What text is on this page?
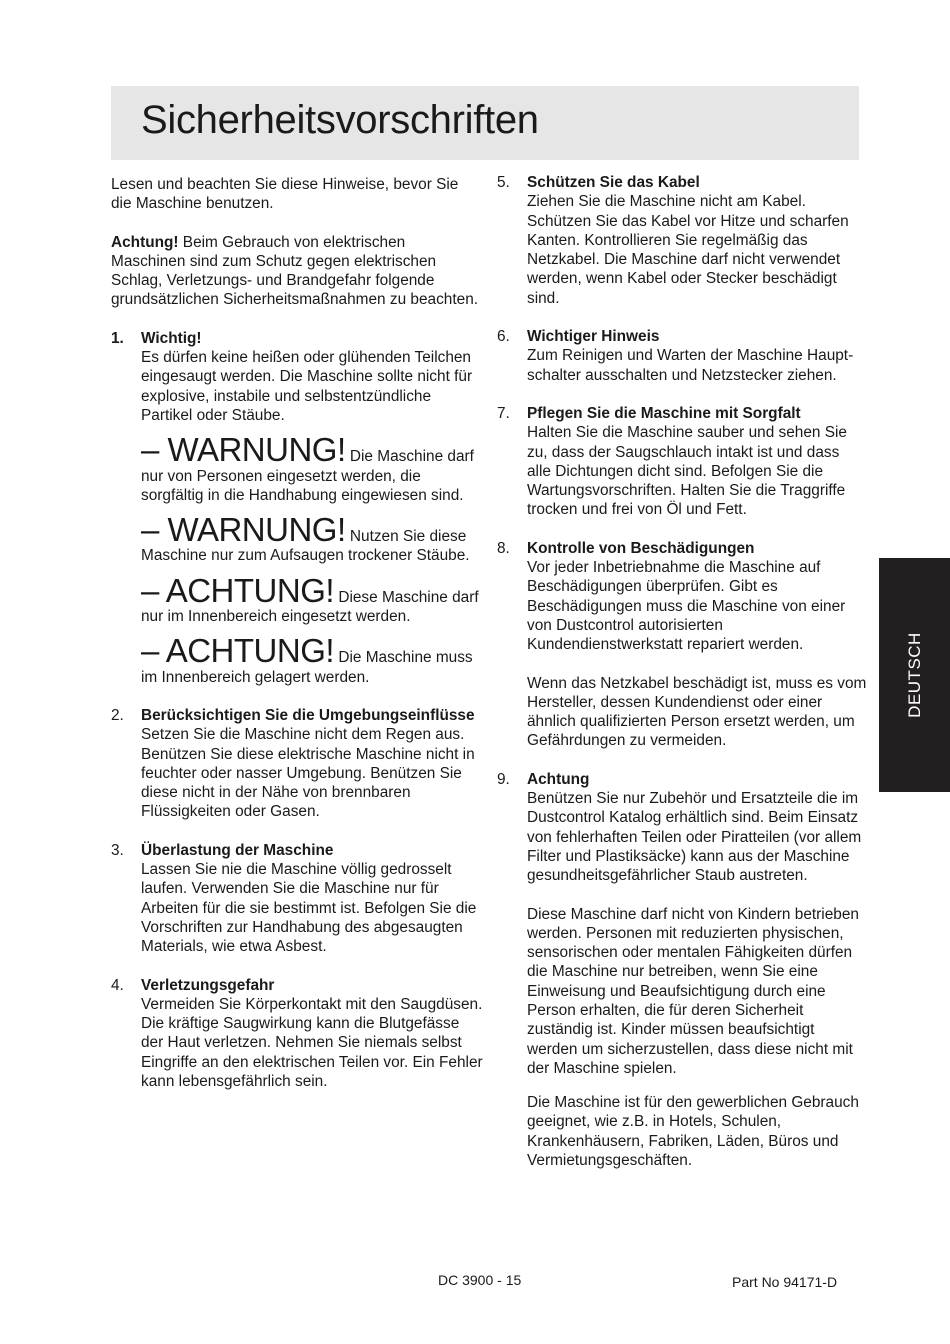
Sicherheitsvorschriften
DEUTSCH

Lesen und beachten Sie diese Hinweise, bevor Sie die Maschine benutzen.

Achtung! Beim Gebrauch von elektrischen Maschinen sind zum Schutz gegen elektrischen Schlag, Verletzungs- und Brandgefahr folgende grundsätzlichen Sicherheitsmaßnahmen zu beachten.

1. Wichtig!
Es dürfen keine heißen oder glühenden Teilchen eingesaugt werden. Die Maschine sollte nicht für explosive, instabile und selbstentzündliche Partikel oder Stäube.
– WARNUNG! Die Maschine darf nur von Personen eingesetzt werden, die sorgfältig in die Handhabung eingewiesen sind.
– WARNUNG! Nutzen Sie diese Maschine nur zum Aufsaugen trockener Stäube.
– ACHTUNG! Diese Maschine darf nur im Innenbereich eingesetzt werden.
– ACHTUNG! Die Maschine muss im Innenbereich gelagert werden.
2. Berücksichtigen Sie die Umgebungseinflüsse
Setzen Sie die Maschine nicht dem Regen aus. Benützen Sie diese elektrische Maschine nicht in feuchter oder nasser Umgebung. Benützen Sie diese nicht in der Nähe von brennbaren Flüssigkeiten oder Gasen.
3. Überlastung der Maschine
Lassen Sie nie die Maschine völlig gedrosselt laufen. Verwenden Sie die Maschine nur für Arbeiten für die sie bestimmt ist. Befolgen Sie die Vorschriften zur Handhabung des abgesaugten Materials, wie etwa Asbest.
4. Verletzungsgefahr
Vermeiden Sie Körperkontakt mit den Saugdüsen. Die kräftige Saugwirkung kann die Blutgefässe der Haut verletzen. Nehmen Sie niemals selbst Eingriffe an den elektrischen Teilen vor. Ein Fehler kann lebensgefährlich sein.
5. Schützen Sie das Kabel
Ziehen Sie die Maschine nicht am Kabel. Schützen Sie das Kabel vor Hitze und scharfen Kanten. Kontrollieren Sie regelmäßig das Netzkabel. Die Maschine darf nicht verwendet werden, wenn Kabel oder Stecker beschädigt sind.
6. Wichtiger Hinweis
Zum Reinigen und Warten der Maschine Haupt-schalter ausschalten und Netzstecker ziehen.
7. Pflegen Sie die Maschine mit Sorgfalt
Halten Sie die Maschine sauber und sehen Sie zu, dass der Saugschlauch intakt ist und dass alle Dichtungen dicht sind. Befolgen Sie die Wartungsvorschriften. Halten Sie die Traggriffe trocken und frei von Öl und Fett.
8. Kontrolle von Beschädigungen
Vor jeder Inbetriebnahme die Maschine auf Beschädigungen überprüfen. Gibt es Beschädigungen muss die Maschine von einer von Dustcontrol autorisierten Kundendienstwerkstatt repariert werden.
Wenn das Netzkabel beschädigt ist, muss es vom Hersteller, dessen Kundendienst oder einer ähnlich qualifizierten Person ersetzt werden, um Gefährdungen zu vermeiden.
9. Achtung
Benützen Sie nur Zubehör und Ersatzteile die im Dustcontrol Katalog erhältlich sind. Beim Einsatz von fehlerhaften Teilen oder Piratteilen (vor allem Filter und Plastiksäcke) kann aus der Maschine gesundheitsgefährlicher Staub austreten.
Diese Maschine darf nicht von Kindern betrieben werden. Personen mit reduzierten physischen, sensorischen oder mentalen Fähigkeiten dürfen die Maschine nur betreiben, wenn Sie eine Einweisung und Beaufsichtigung durch eine Person erhalten, die für deren Sicherheit zuständig ist. Kinder müssen beaufsichtigt werden um sicherzustellen, dass diese nicht mit der Maschine spielen.
Die Maschine ist für den gewerblichen Gebrauch geeignet, wie z.B. in Hotels, Schulen, Krankenhäusern, Fabriken, Läden, Büros und Vermietungsgeschäften.
DC 3900 - 15	Part No 94171-D
